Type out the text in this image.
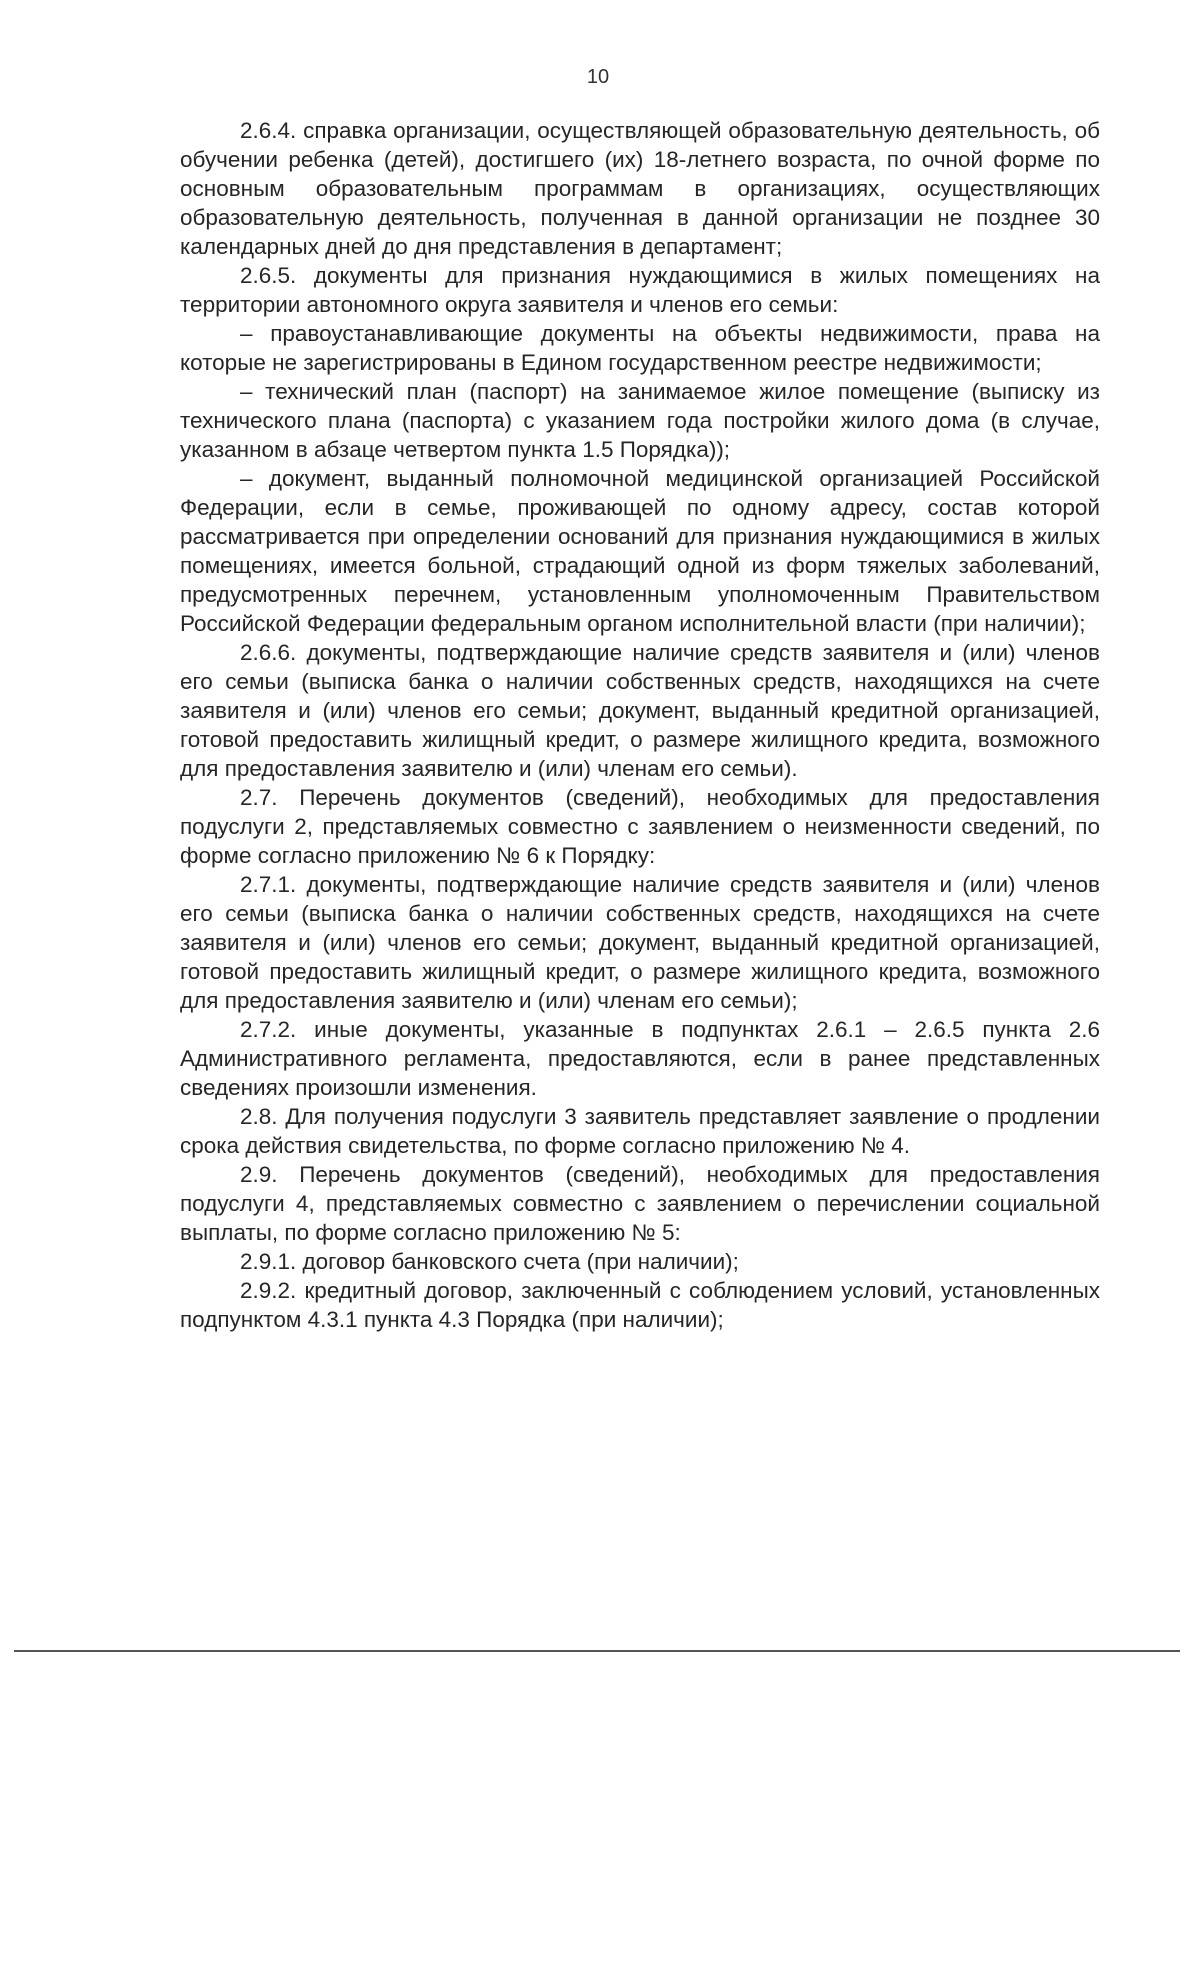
10

2.6.4. справка организации, осуществляющей образовательную деятельность, об обучении ребенка (детей), достигшего (их) 18-летнего возраста, по очной форме по основным образовательным программам в организациях, осуществляющих образовательную деятельность, полученная в данной организации не позднее 30 календарных дней до дня представления в департамент;

2.6.5. документы для признания нуждающимися в жилых помещениях на территории автономного округа заявителя и членов его семьи:

– правоустанавливающие документы на объекты недвижимости, права на которые не зарегистрированы в Едином государственном реестре недвижимости;

– технический план (паспорт) на занимаемое жилое помещение (выписку из технического плана (паспорта) с указанием года постройки жилого дома (в случае, указанном в абзаце четвертом пункта 1.5 Порядка));

– документ, выданный полномочной медицинской организацией Российской Федерации, если в семье, проживающей по одному адресу, состав которой рассматривается при определении оснований для признания нуждающимися в жилых помещениях, имеется больной, страдающий одной из форм тяжелых заболеваний, предусмотренных перечнем, установленным уполномоченным Правительством Российской Федерации федеральным органом исполнительной власти (при наличии);

2.6.6. документы, подтверждающие наличие средств заявителя и (или) членов его семьи (выписка банка о наличии собственных средств, находящихся на счете заявителя и (или) членов его семьи; документ, выданный кредитной организацией, готовой предоставить жилищный кредит, о размере жилищного кредита, возможного для предоставления заявителю и (или) членам его семьи).

2.7. Перечень документов (сведений), необходимых для предоставления подуслуги 2, представляемых совместно с заявлением о неизменности сведений, по форме согласно приложению № 6 к Порядку:

2.7.1. документы, подтверждающие наличие средств заявителя и (или) членов его семьи (выписка банка о наличии собственных средств, находящихся на счете заявителя и (или) членов его семьи; документ, выданный кредитной организацией, готовой предоставить жилищный кредит, о размере жилищного кредита, возможного для предоставления заявителю и (или) членам его семьи);

2.7.2. иные документы, указанные в подпунктах 2.6.1 – 2.6.5 пункта 2.6 Административного регламента, предоставляются, если в ранее представленных сведениях произошли изменения.

2.8. Для получения подуслуги 3 заявитель представляет заявление о продлении срока действия свидетельства, по форме согласно приложению № 4.

2.9. Перечень документов (сведений), необходимых для предоставления подуслуги 4, представляемых совместно с заявлением о перечислении социальной выплаты, по форме согласно приложению № 5:

2.9.1. договор банковского счета (при наличии);

2.9.2. кредитный договор, заключенный с соблюдением условий, установленных подпунктом 4.3.1 пункта 4.3 Порядка (при наличии);
